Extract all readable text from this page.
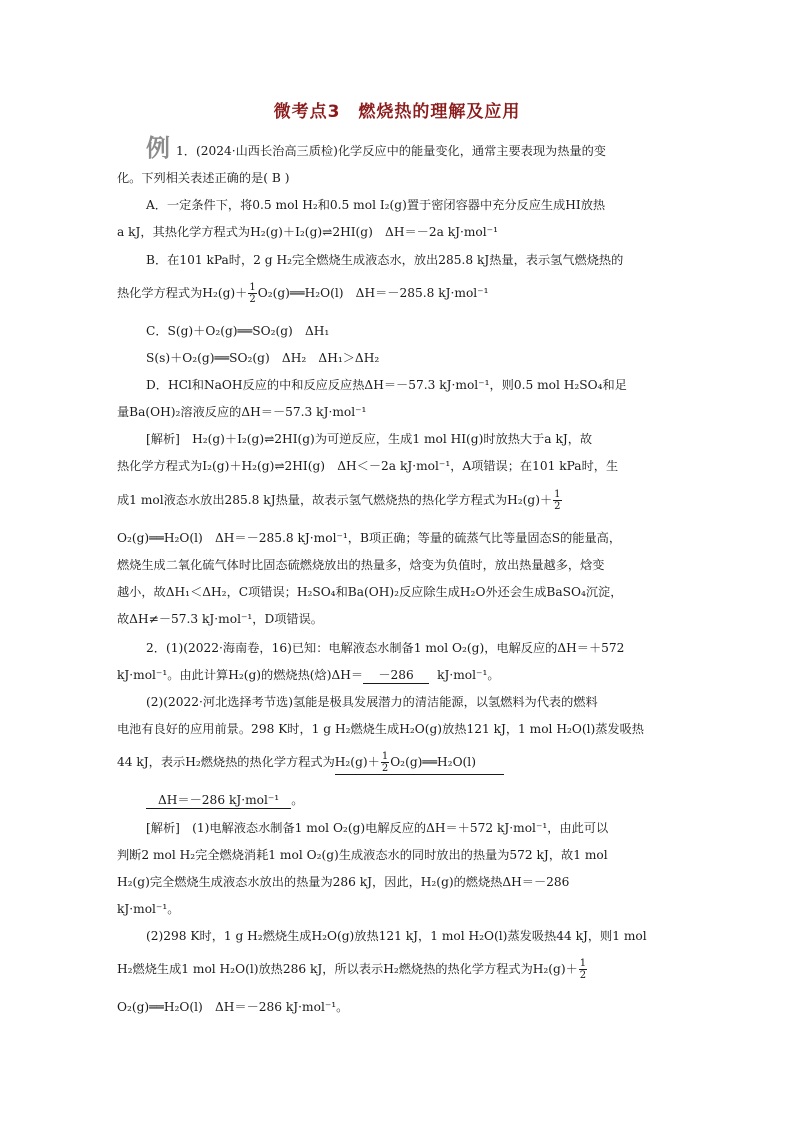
微考点3　燃烧热的理解及应用
例 1．(2024·山西长治高三质检)化学反应中的能量变化，通常主要表现为热量的变
化。下列相关表述正确的是( B )
A．一定条件下，将0.5 mol H₂和0.5 mol I₂(g)置于密闭容器中充分反应生成HI放热
a kJ，其热化学方程式为H₂(g)＋I₂(g)⇌2HI(g)　ΔH＝－2a kJ·mol⁻¹
B．在101 kPa时，2 g H₂完全燃烧生成液态水，放出285.8 kJ热量，表示氢气燃烧热的
热化学方程式为$H_2(g)+ \frac{1}{2}$ O₂(g)══H₂O(l)　ΔH＝－285.8 kJ·mol⁻¹
C．S(g)＋O₂(g)══SO₂(g)　ΔH₁
S(s)＋O₂(g)══SO₂(g)　ΔH₂　ΔH₁＞ΔH₂
D．HCl和NaOH反应的中和反应反应热ΔH＝－57.3 kJ·mol⁻¹，则0.5 mol H₂SO₄和足
量Ba(OH)₂溶液反应的ΔH＝－57.3 kJ·mol⁻¹
[解析]　H₂(g)＋I₂(g)⇌2HI(g)为可逆反应，生成1 mol HI(g)时放热大于a kJ，故
热化学方程式为I₂(g)＋H₂(g)⇌2HI(g)　ΔH＜－2a kJ·mol⁻¹，A项错误；在101 kPa时，生
成1 mol液态水放出285.8 kJ热量，故表示氢气燃烧热的热化学方程式为$H_2(g)+ \frac{1}{2}$
O₂(g)══H₂O(l)　ΔH＝－285.8 kJ·mol⁻¹，B项正确；等量的硫蒸气比等量固态S的能量高，
燃烧生成二氧化硫气体时比固态硫燃烧放出的热量多，焓变为负值时，放出热量越多，焓变
越小，故ΔH₁＜ΔH₂，C项错误；H₂SO₄和Ba(OH)₂反应除生成H₂O外还会生成BaSO₄沉淀，
故ΔH≠－57.3 kJ·mol⁻¹，D项错误。
2．(1)(2022·海南卷，16)已知：电解液态水制备1 mol O₂(g)，电解反应的ΔH＝＋572
kJ·mol⁻¹。由此计算H₂(g)的燃烧热(焓)ΔH＝ －286 kJ·mol⁻¹。
(2)(2022·河北选择考节选)氢能是极具发展潜力的清洁能源，以氢燃料为代表的燃料
电池有良好的应用前景。298 K时，1 g H₂燃烧生成H₂O(g)放热121 kJ，1 mol H₂O(l)蒸发吸热
44 kJ，表示H₂燃烧热的热化学方程式为$H_2(g)+ \frac{1}{2}$ O₂(g)══H₂O(l)
ΔH＝－286 kJ·mol⁻¹ 。
[解析]　(1)电解液态水制备1 mol O₂(g)电解反应的ΔH＝＋572 kJ·mol⁻¹，由此可以
判断2 mol H₂完全燃烧消耗1 mol O₂(g)生成液态水的同时放出的热量为572 kJ，故1 mol
H₂(g)完全燃烧生成液态水放出的热量为286 kJ，因此，H₂(g)的燃烧热ΔH＝－286
kJ·mol⁻¹。
(2)298 K时，1 g H₂燃烧生成H₂O(g)放热121 kJ，1 mol H₂O(l)蒸发吸热44 kJ，则1 mol
H₂燃烧生成1 mol H₂O(l)放热286 kJ，所以表示H₂燃烧热的热化学方程式为$H_2(g)+ \frac{1}{2}$
O₂(g)══H₂O(l)　ΔH＝－286 kJ·mol⁻¹。
